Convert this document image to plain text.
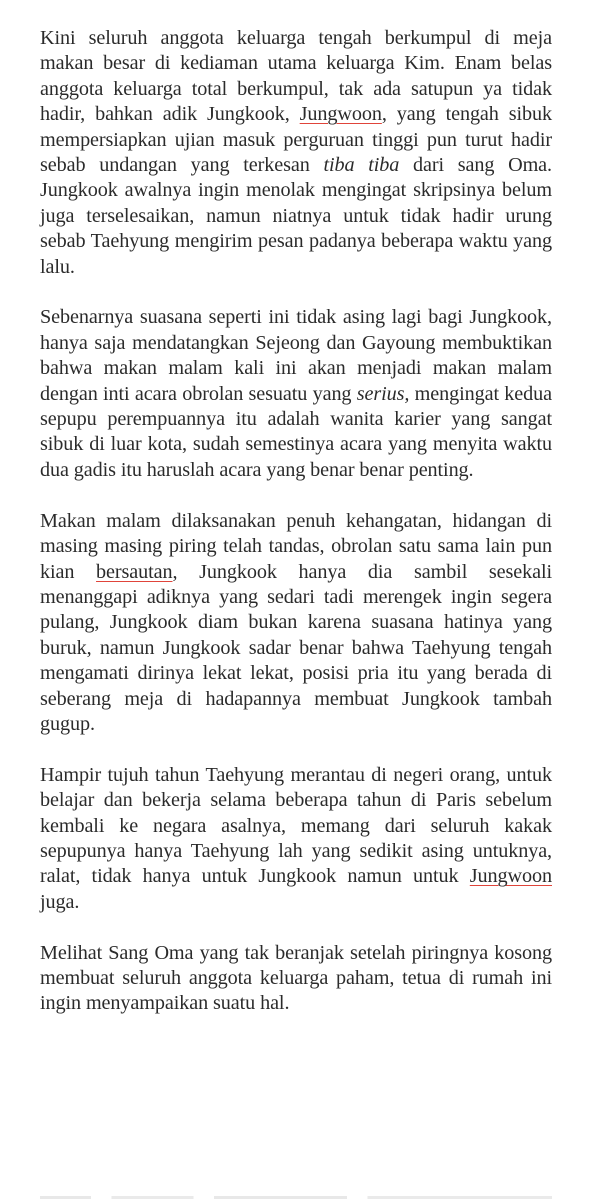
Kini seluruh anggota keluarga tengah berkumpul di meja makan besar di kediaman utama keluarga Kim. Enam belas anggota keluarga total berkumpul, tak ada satupun ya tidak hadir, bahkan adik Jungkook, Jungwoon, yang tengah sibuk mempersiapkan ujian masuk perguruan tinggi pun turut hadir sebab undangan yang terkesan tiba tiba dari sang Oma. Jungkook awalnya ingin menolak mengingat skripsinya belum juga terselesaikan, namun niatnya untuk tidak hadir urung sebab Taehyung mengirim pesan padanya beberapa waktu yang lalu.

Sebenarnya suasana seperti ini tidak asing lagi bagi Jungkook, hanya saja mendatangkan Sejeong dan Gayoung membuktikan bahwa makan malam kali ini akan menjadi makan malam dengan inti acara obrolan sesuatu yang serius, mengingat kedua sepupu perempuannya itu adalah wanita karier yang sangat sibuk di luar kota, sudah semestinya acara yang menyita waktu dua gadis itu haruslah acara yang benar benar penting.

Makan malam dilaksanakan penuh kehangatan, hidangan di masing masing piring telah tandas, obrolan satu sama lain pun kian bersautan, Jungkook hanya dia sambil sesekali menanggapi adiknya yang sedari tadi merengek ingin segera pulang, Jungkook diam bukan karena suasana hatinya yang buruk, namun Jungkook sadar benar bahwa Taehyung tengah mengamati dirinya lekat lekat, posisi pria itu yang berada di seberang meja di hadapannya membuat Jungkook tambah gugup.

Hampir tujuh tahun Taehyung merantau di negeri orang, untuk belajar dan bekerja selama beberapa tahun di Paris sebelum kembali ke negara asalnya, memang dari seluruh kakak sepupunya hanya Taehyung lah yang sedikit asing untuknya, ralat, tidak hanya untuk Jungkook namun untuk Jungwoon juga.

Melihat Sang Oma yang tak beranjak setelah piringnya kosong membuat seluruh anggota keluarga paham, tetua di rumah ini ingin menyampaikan suatu hal.
